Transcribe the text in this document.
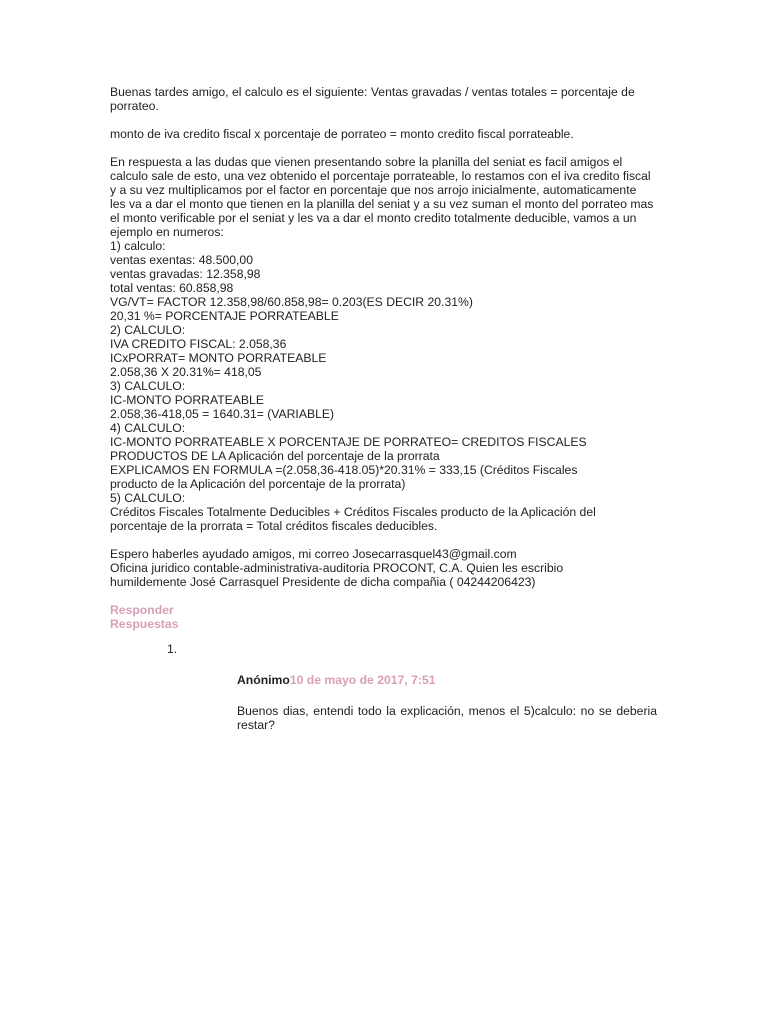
Buenas tardes amigo, el calculo es el siguiente: Ventas gravadas / ventas totales = porcentaje de porrateo.

monto de iva credito fiscal x porcentaje de porrateo = monto credito fiscal porrateable.

En respuesta a las dudas que vienen presentando sobre la planilla del seniat es facil amigos el calculo sale de esto, una vez obtenido el porcentaje porrateable, lo restamos con el iva credito fiscal y a su vez multiplicamos por el factor en porcentaje que nos arrojo inicialmente, automaticamente les va a dar el monto que tienen en la planilla del seniat y a su vez suman el monto del porrateo mas el monto verificable por el seniat y les va a dar el monto credito totalmente deducible, vamos a un ejemplo en numeros:

1) calculo:
ventas exentas: 48.500,00
ventas gravadas: 12.358,98
total ventas: 60.858,98
VG/VT= FACTOR 12.358,98/60.858,98= 0.203(ES DECIR 20.31%)
20,31 %= PORCENTAJE PORRATEABLE
2) CALCULO:
IVA CREDITO FISCAL: 2.058,36
ICxPORRAT= MONTO PORRATEABLE
2.058,36 X 20.31%= 418,05
3) CALCULO:
IC-MONTO PORRATEABLE
2.058,36-418,05 = 1640.31= (VARIABLE)
4) CALCULO:
IC-MONTO PORRATEABLE X PORCENTAJE DE PORRATEO= CREDITOS FISCALES
PRODUCTOS DE LA Aplicación del porcentaje de la prorrata
EXPLICAMOS EN FORMULA =(2.058,36-418.05)*20.31% = 333,15 (Créditos Fiscales
producto de la Aplicación del porcentaje de la prorrata)
5) CALCULO:
Créditos Fiscales Totalmente Deducibles + Créditos Fiscales producto de la Aplicación del
porcentaje de la prorrata = Total créditos fiscales deducibles.
Espero haberles ayudado amigos, mi correo Josecarrasquel43@gmail.com
Oficina juridico contable-administrativa-auditoria PROCONT, C.A. Quien les escribio
humildemente José Carrasquel Presidente de dicha compañia ( 04244206423)
Responder
Respuestas
1.

Anónimo10 de mayo de 2017, 7:51

Buenos dias, entendi todo la explicación, menos el 5)calculo: no se deberia restar?
